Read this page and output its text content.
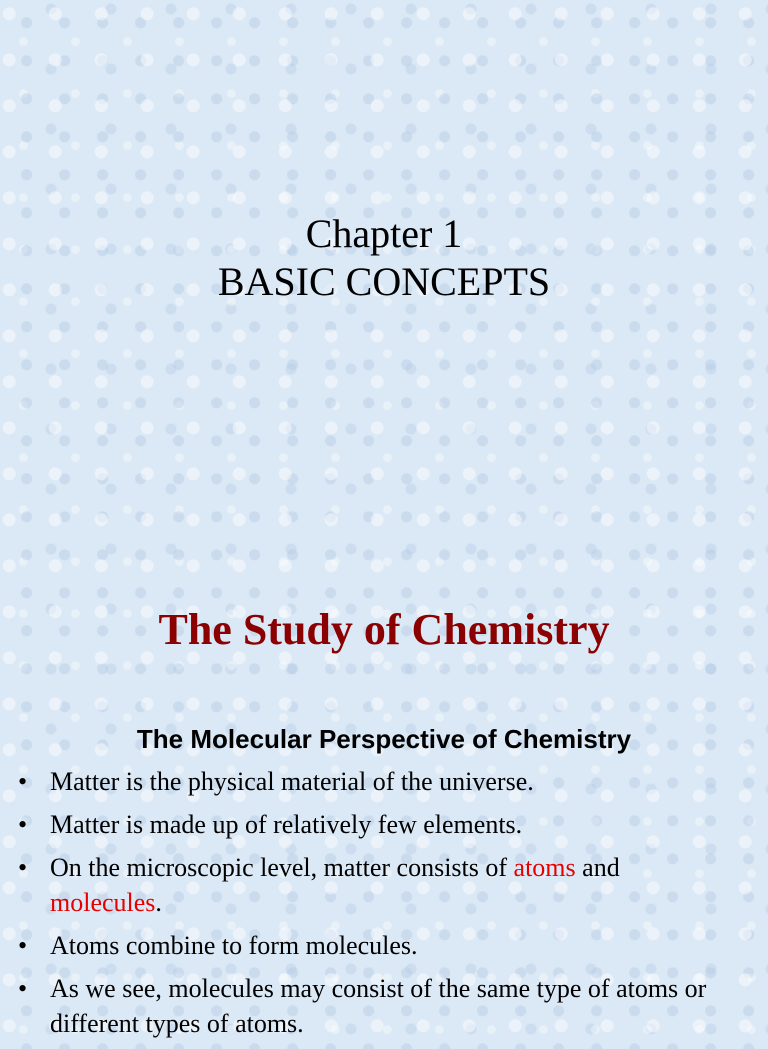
Chapter 1
BASIC CONCEPTS
The Study of Chemistry
The Molecular Perspective of Chemistry
• Matter is the physical material of the universe.
• Matter is made up of relatively few elements.
• On the microscopic level, matter consists of atoms and molecules.
• Atoms combine to form molecules.
• As we see, molecules may consist of the same type of atoms or different types of atoms.
